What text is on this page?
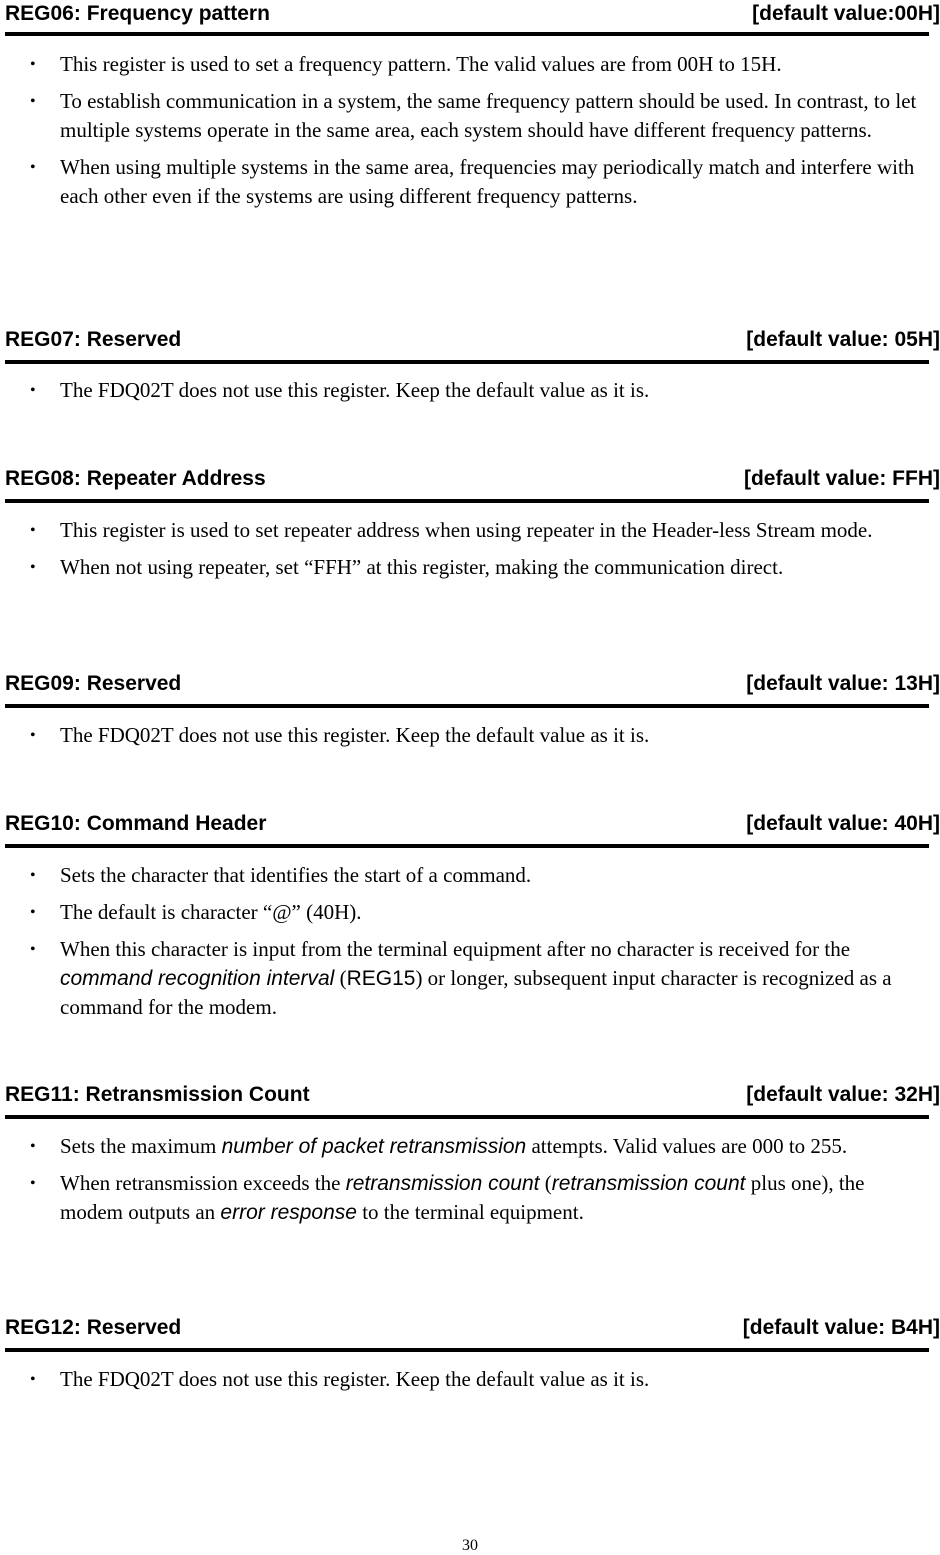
REG06: Frequency pattern	[default value:00H]
• This register is used to set a frequency pattern. The valid values are from 00H to 15H.
• To establish communication in a system, the same frequency pattern should be used. In contrast, to let multiple systems operate in the same area, each system should have different frequency patterns.
• When using multiple systems in the same area, frequencies may periodically match and interfere with each other even if the systems are using different frequency patterns.
REG07: Reserved	[default value: 05H]
• The FDQ02T does not use this register. Keep the default value as it is.
REG08: Repeater Address	[default value: FFH]
• This register is used to set repeater address when using repeater in the Header-less Stream mode.
• When not using repeater, set “FFH” at this register, making the communication direct.
REG09: Reserved	[default value: 13H]
• The FDQ02T does not use this register. Keep the default value as it is.
REG10: Command Header	[default value: 40H]
• Sets the character that identifies the start of a command.
• The default is character “@” (40H).
• When this character is input from the terminal equipment after no character is received for the command recognition interval (REG15) or longer, subsequent input character is recognized as a command for the modem.
REG11: Retransmission Count	[default value: 32H]
• Sets the maximum number of packet retransmission attempts. Valid values are 000 to 255.
• When retransmission exceeds the retransmission count (retransmission count plus one), the modem outputs an error response to the terminal equipment.
REG12: Reserved	[default value: B4H]
• The FDQ02T does not use this register. Keep the default value as it is.
30
